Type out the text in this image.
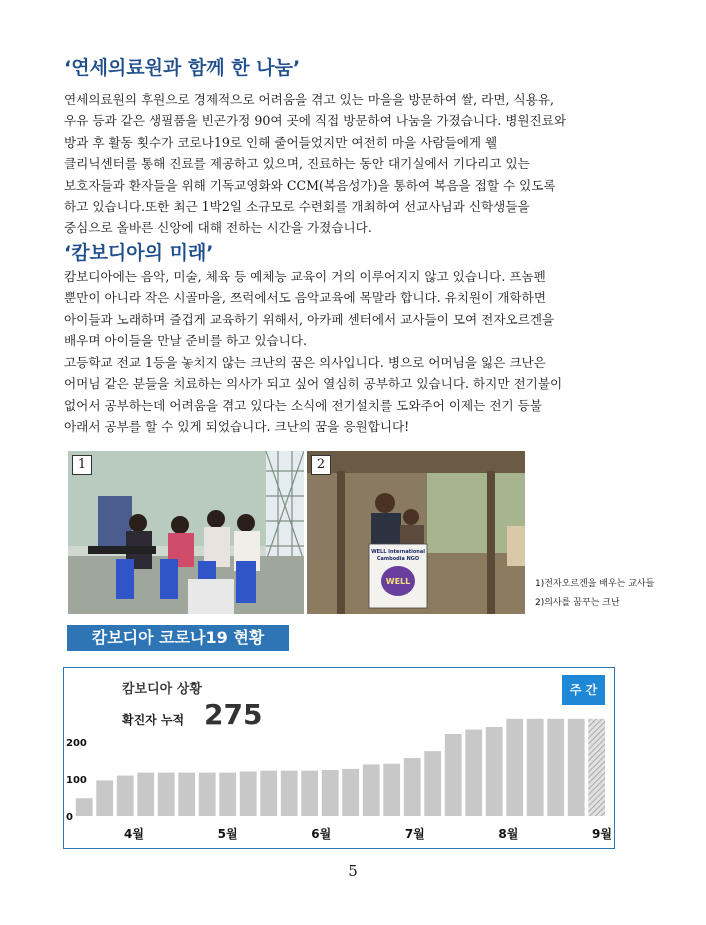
‘연세의료원과 함께 한 나눔’

연세의료원의 후원으로 경제적으로 어려움을 겪고 있는 마을을 방문하여 쌀, 라면, 식용유,
우유 등과 같은 생필품을 빈곤가정 90여 곳에 직접 방문하여 나눔을 가졌습니다. 병원진료와
방과 후 활동 횟수가 코로나19로 인해 줄어들었지만 여전히 마을 사람들에게 웰
클리닉센터를 통해 진료를 제공하고 있으며, 진료하는 동안 대기실에서 기다리고 있는
보호자들과 환자들을 위해 기독교영화와 CCM(복음성가)을 통하여 복음을 접할 수 있도록
하고 있습니다.또한 최근 1박2일 소규모로 수련회를 개최하여 선교사님과 신학생들을
중심으로 올바른 신앙에 대해 전하는 시간을 가졌습니다.

‘캄보디아의 미래’

캄보디아에는 음악, 미술, 체육 등 예체능 교육이 거의 이루어지지 않고 있습니다. 프놈펜
뿐만이 아니라 작은 시골마을, 쯔럭에서도 음악교육에 목말라 합니다. 유치원이 개학하면
아이들과 노래하며 즐겁게 교육하기 위해서, 아카페 센터에서 교사들이 모여 전자오르겐을
배우며 아이들을 만날 준비를 하고 있습니다.

고등학교 전교 1등을 놓치지 않는 크난의 꿈은 의사입니다. 병으로 어머님을 잃은 크난은
어머님 같은 분들을 치료하는 의사가 되고 싶어 열심히 공부하고 있습니다. 하지만 전기불이
없어서 공부하는데 어려움을 겪고 있다는 소식에 전기설치를 도와주어 이제는 전기 등불
아래서 공부를 할 수 있게 되었습니다. 크난의 꿈을 응원합니다!

1
WELL International
Cambodia NGO
WELL
2
1)전자오르겐을 배우는 교사들
2)의사를 꿈꾸는 크난
캄보디아 코로나19 현황
캄보디아 상황
확진자 누적 275
주 간
0
100
200
4월	5월	6월	7월	8월	9월
5
